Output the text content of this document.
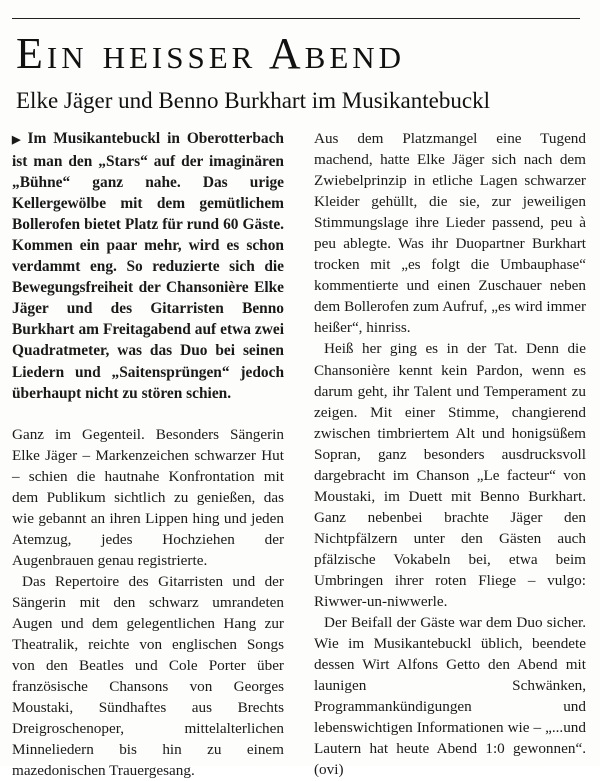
Ein heisser Abend
Elke Jäger und Benno Burkhart im Musikantebuckl

▶ Im Musikantebuckl in Oberotterbach ist man den „Stars“ auf der imaginären „Bühne“ ganz nahe. Das urige Kellergewölbe mit dem gemütlichem Bollerofen bietet Platz für rund 60 Gäste. Kommen ein paar mehr, wird es schon verdammt eng. So reduzierte sich die Bewegungsfreiheit der Chansonière Elke Jäger und des Gitarristen Benno Burkhart am Freitagabend auf etwa zwei Quadratmeter, was das Duo bei seinen Liedern und „Saitensprüngen“ jedoch überhaupt nicht zu stören schien.

Ganz im Gegenteil. Besonders Sängerin Elke Jäger – Markenzeichen schwarzer Hut – schien die hautnahe Konfrontation mit dem Publikum sichtlich zu genießen, das wie gebannt an ihren Lippen hing und jeden Atemzug, jedes Hochziehen der Augenbrauen genau registrierte.

Das Repertoire des Gitarristen und der Sängerin mit den schwarz umrandeten Augen und dem gelegentlichen Hang zur Theatralik, reichte von englischen Songs von den Beatles und Cole Porter über französische Chansons von Georges Moustaki, Sündhaftes aus Brechts Dreigroschenoper, mittelalterlichen Minneliedern bis hin zu einem mazedonischen Trauergesang.

Aus dem Platzmangel eine Tugend machend, hatte Elke Jäger sich nach dem Zwiebelprinzip in etliche Lagen schwarzer Kleider gehüllt, die sie, zur jeweiligen Stimmungslage ihre Lieder passend, peu à peu ablegte. Was ihr Duopartner Burkhart trocken mit „es folgt die Umbauphase“ kommentierte und einen Zuschauer neben dem Bollerofen zum Aufruf, „es wird immer heißer“, hinriss.

Heiß her ging es in der Tat. Denn die Chansonière kennt kein Pardon, wenn es darum geht, ihr Talent und Temperament zu zeigen. Mit einer Stimme, changierend zwischen timbriertem Alt und honigsüßem Sopran, ganz besonders ausdrucksvoll dargebracht im Chanson „Le facteur“ von Moustaki, im Duett mit Benno Burkhart. Ganz nebenbei brachte Jäger den Nichtpfälzern unter den Gästen auch pfälzische Vokabeln bei, etwa beim Umbringen ihrer roten Fliege – vulgo: Riwwer-un-niwwerle.

Der Beifall der Gäste war dem Duo sicher. Wie im Musikantebuckl üblich, beendete dessen Wirt Alfons Getto den Abend mit launigen Schwänken, Programmankündigungen und lebenswichtigen Informationen wie – „...und Lautern hat heute Abend 1:0 gewonnen“. (ovi)
